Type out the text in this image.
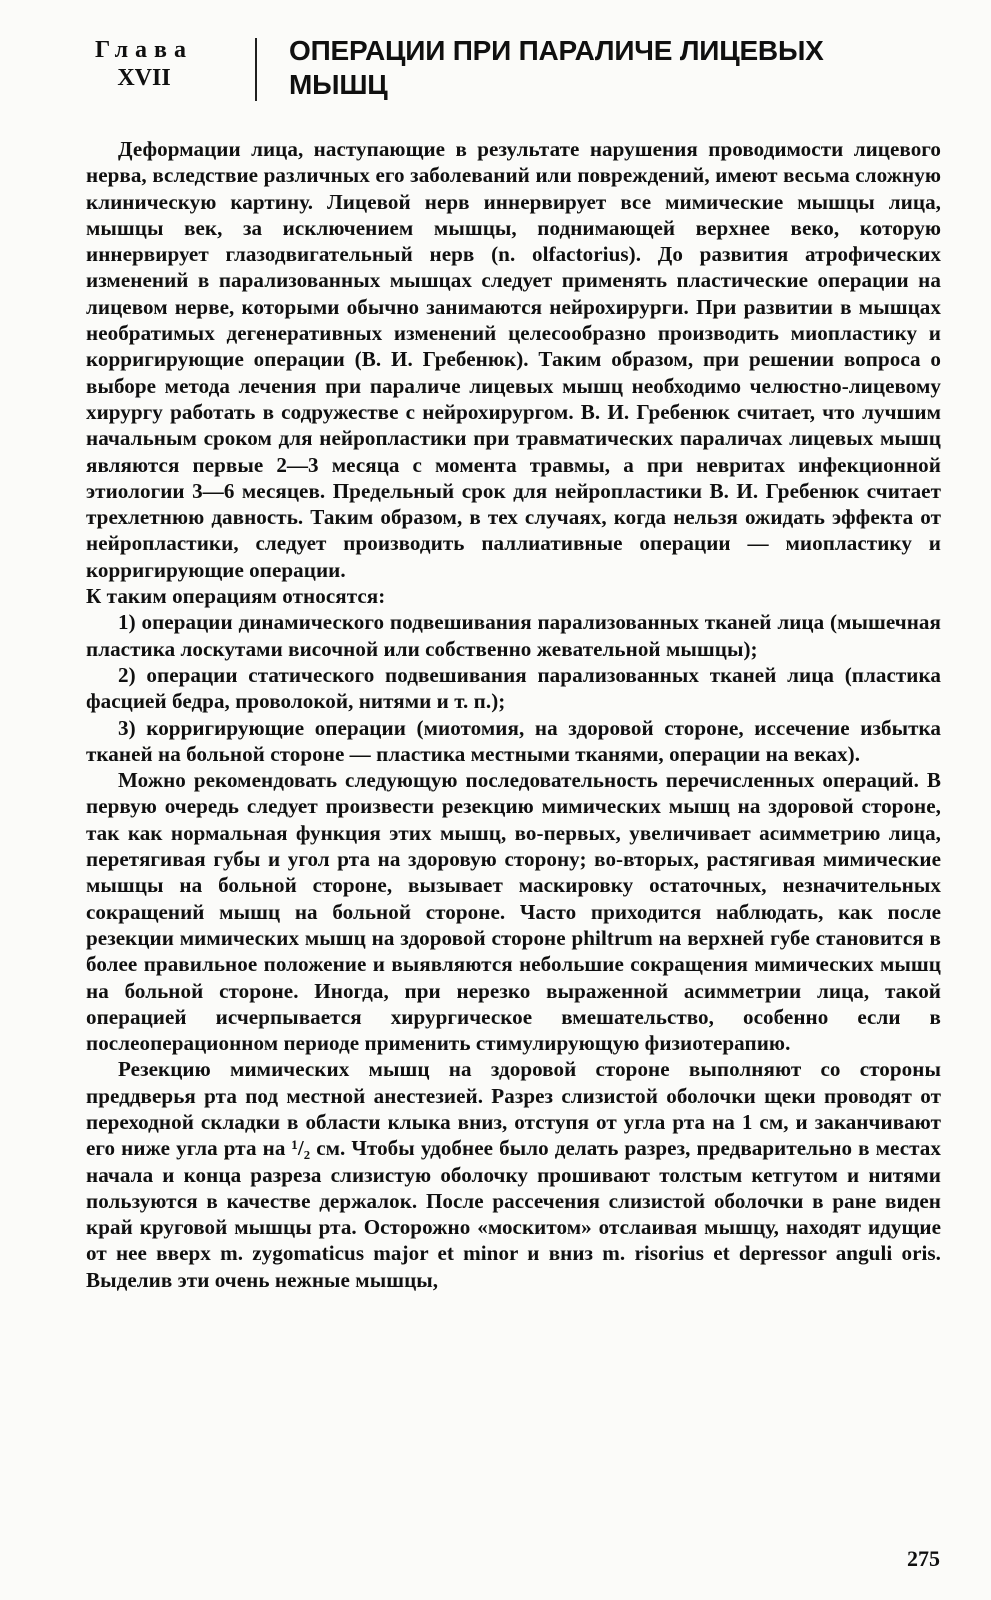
Глава
XVII
ОПЕРАЦИИ ПРИ ПАРАЛИЧЕ ЛИЦЕВЫХ МЫШЦ

Деформации лица, наступающие в результате нарушения проводимости лицевого нерва, вследствие различных его заболеваний или повреждений, имеют весьма сложную клиническую картину. Лицевой нерв иннервирует все мимические мышцы лица, мышцы век, за исключением мышцы, поднимающей верхнее веко, которую иннервирует глазодвигательный нерв (n. olfactorius). До развития атрофических изменений в парализованных мышцах следует применять пластические операции на лицевом нерве, которыми обычно занимаются нейрохирурги. При развитии в мышцах необратимых дегенеративных изменений целесообразно производить миопластику и корригирующие операции (В. И. Гребенюк). Таким образом, при решении вопроса о выборе метода лечения при параличе лицевых мышц необходимо челюстно-лицевому хирургу работать в содружестве с нейрохирургом. В. И. Гребенюк считает, что лучшим начальным сроком для нейропластики при травматических параличах лицевых мышц являются первые 2—3 месяца с момента травмы, а при невритах инфекционной этиологии 3—6 месяцев. Предельный срок для нейропластики В. И. Гребенюк считает трехлетнюю давность. Таким образом, в тех случаях, когда нельзя ожидать эффекта от нейропластики, следует производить паллиативные операции — миопластику и корригирующие операции.

К таким операциям относятся:

1) операции динамического подвешивания парализованных тканей лица (мышечная пластика лоскутами височной или собственно жевательной мышцы);

2) операции статического подвешивания парализованных тканей лица (пластика фасцией бедра, проволокой, нитями и т. п.);

3) корригирующие операции (миотомия, на здоровой стороне, иссечение избытка тканей на больной стороне — пластика местными тканями, операции на веках).

Можно рекомендовать следующую последовательность перечисленных операций. В первую очередь следует произвести резекцию мимических мышц на здоровой стороне, так как нормальная функция этих мышц, во-первых, увеличивает асимметрию лица, перетягивая губы и угол рта на здоровую сторону; во-вторых, растягивая мимические мышцы на больной стороне, вызывает маскировку остаточных, незначительных сокращений мышц на больной стороне. Часто приходится наблюдать, как после резекции мимических мышц на здоровой стороне philtrum на верхней губе становится в более правильное положение и выявляются небольшие сокращения мимических мышц на больной стороне. Иногда, при нерезко выраженной асимметрии лица, такой операцией исчерпывается хирургическое вмешательство, особенно если в послеоперационном периоде применить стимулирующую физиотерапию.

Резекцию мимических мышц на здоровой стороне выполняют со стороны преддверья рта под местной анестезией. Разрез слизистой оболочки щеки проводят от переходной складки в области клыка вниз, отступя от угла рта на 1 см, и заканчивают его ниже угла рта на ¹/₂ см. Чтобы удобнее было делать разрез, предварительно в местах начала и конца разреза слизистую оболочку прошивают толстым кетгутом и нитями пользуются в качестве держалок. После рассечения слизистой оболочки в ране виден край круговой мышцы рта. Осторожно «москитом» отслаивая мышцу, находят идущие от нее вверх m. zygomaticus major et minor и вниз m. risorius et depressor anguli oris. Выделив эти очень нежные мышцы,

275
